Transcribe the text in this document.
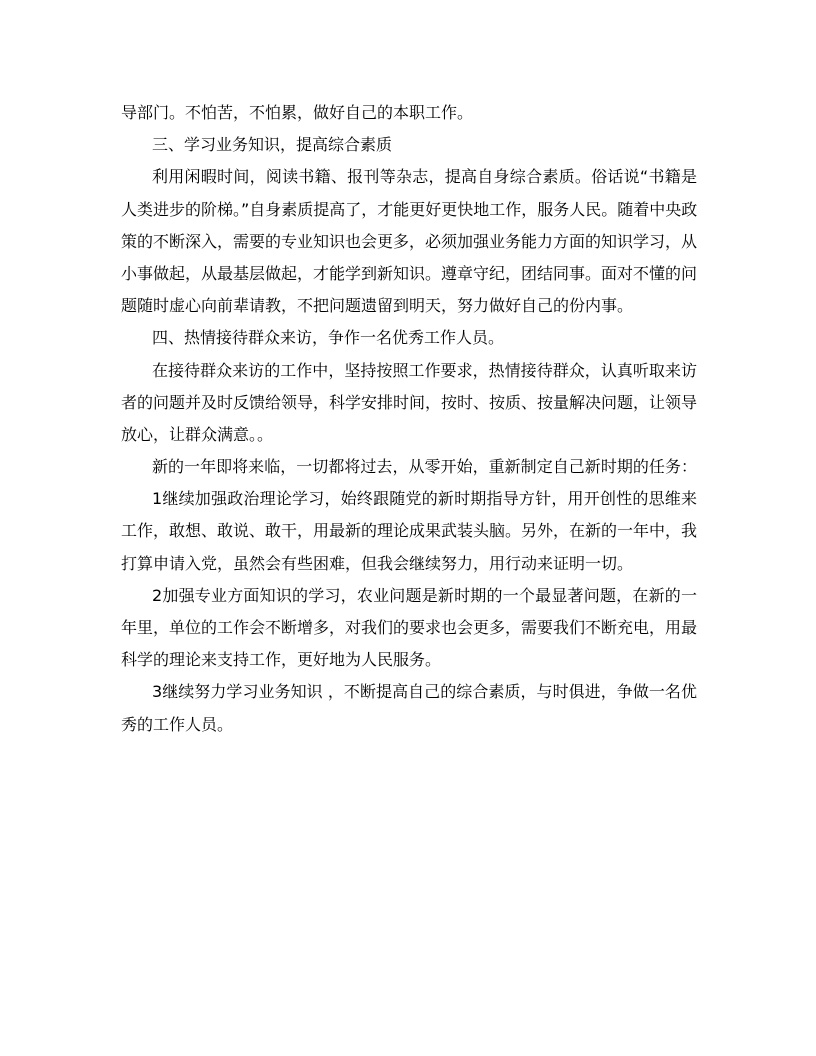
导部门。不怕苦，不怕累，做好自己的本职工作。
三、学习业务知识，提高综合素质
利用闲暇时间，阅读书籍、报刊等杂志，提高自身综合素质。俗话说“书籍是
人类进步的阶梯。”自身素质提高了，才能更好更快地工作，服务人民。随着中央政
策的不断深入，需要的专业知识也会更多，必须加强业务能力方面的知识学习，从
小事做起，从最基层做起，才能学到新知识。遵章守纪，团结同事。面对不懂的问
题随时虚心向前辈请教，不把问题遗留到明天，努力做好自己的份内事。
四、热情接待群众来访，争作一名优秀工作人员。
在接待群众来访的工作中，坚持按照工作要求，热情接待群众，认真听取来访
者的问题并及时反馈给领导，科学安排时间，按时、按质、按量解决问题，让领导
放心，让群众满意。。
新的一年即将来临，一切都将过去，从零开始，重新制定自己新时期的任务：
1继续加强政治理论学习，始终跟随党的新时期指导方针，用开创性的思维来
工作，敢想、敢说、敢干，用最新的理论成果武装头脑。另外，在新的一年中，我
打算申请入党，虽然会有些困难，但我会继续努力，用行动来证明一切。
2加强专业方面知识的学习，农业问题是新时期的一个最显著问题，在新的一
年里，单位的工作会不断增多，对我们的要求也会更多，需要我们不断充电，用最
科学的理论来支持工作，更好地为人民服务。
3继续努力学习业务知识 ，不断提高自己的综合素质，与时俱进，争做一名优
秀的工作人员。
